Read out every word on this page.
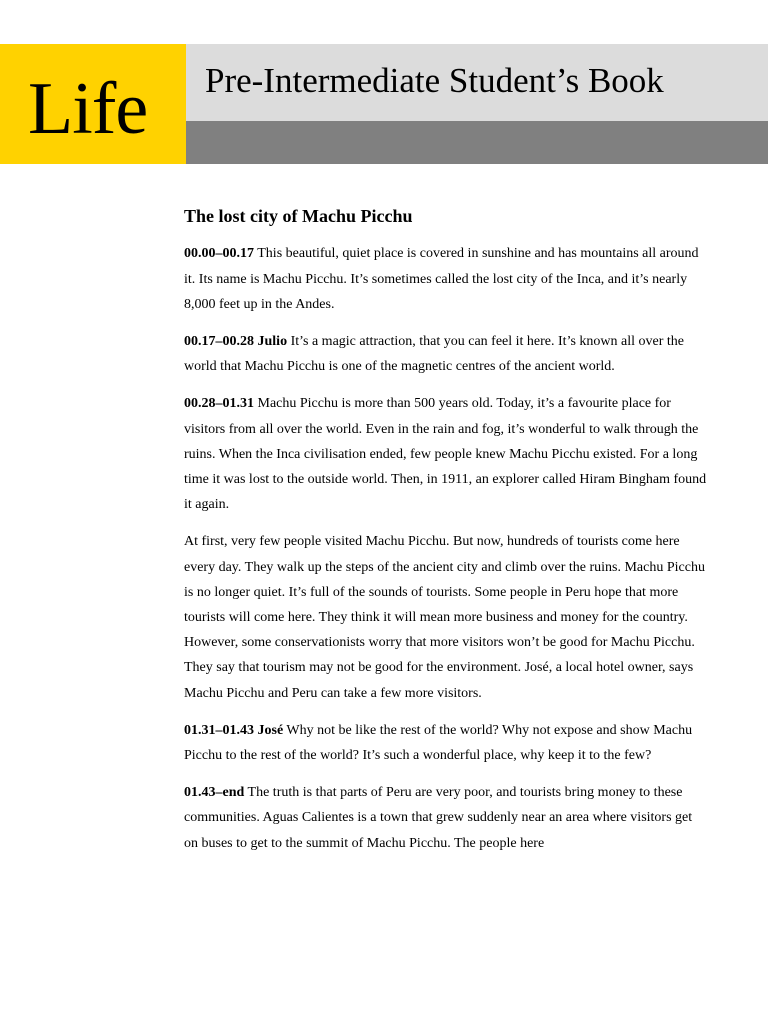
Life Pre-Intermediate Student’s Book
11f Page 139 VIDEOSCRIPT
The lost city of Machu Picchu

00.00–00.17 This beautiful, quiet place is covered in sunshine and has mountains all around it. Its name is Machu Picchu. It’s sometimes called the lost city of the Inca, and it’s nearly 8,000 feet up in the Andes.

00.17–00.28 Julio It’s a magic attraction, that you can feel it here. It’s known all over the world that Machu Picchu is one of the magnetic centres of the ancient world.

00.28–01.31 Machu Picchu is more than 500 years old. Today, it’s a favourite place for visitors from all over the world. Even in the rain and fog, it’s wonderful to walk through the ruins. When the Inca civilisation ended, few people knew Machu Picchu existed. For a long time it was lost to the outside world. Then, in 1911, an explorer called Hiram Bingham found it again.

At first, very few people visited Machu Picchu. But now, hundreds of tourists come here every day. They walk up the steps of the ancient city and climb over the ruins. Machu Picchu is no longer quiet. It’s full of the sounds of tourists. Some people in Peru hope that more tourists will come here. They think it will mean more business and money for the country. However, some conservationists worry that more visitors won’t be good for Machu Picchu. They say that tourism may not be good for the environment. José, a local hotel owner, says Machu Picchu and Peru can take a few more visitors.

01.31–01.43 José Why not be like the rest of the world? Why not expose and show Machu Picchu to the rest of the world? It’s such a wonderful place, why keep it to the few?

01.43–end The truth is that parts of Peru are very poor, and tourists bring money to these communities. Aguas Calientes is a town that grew suddenly near an area where visitors get on buses to get to the summit of Machu Picchu. The people here
